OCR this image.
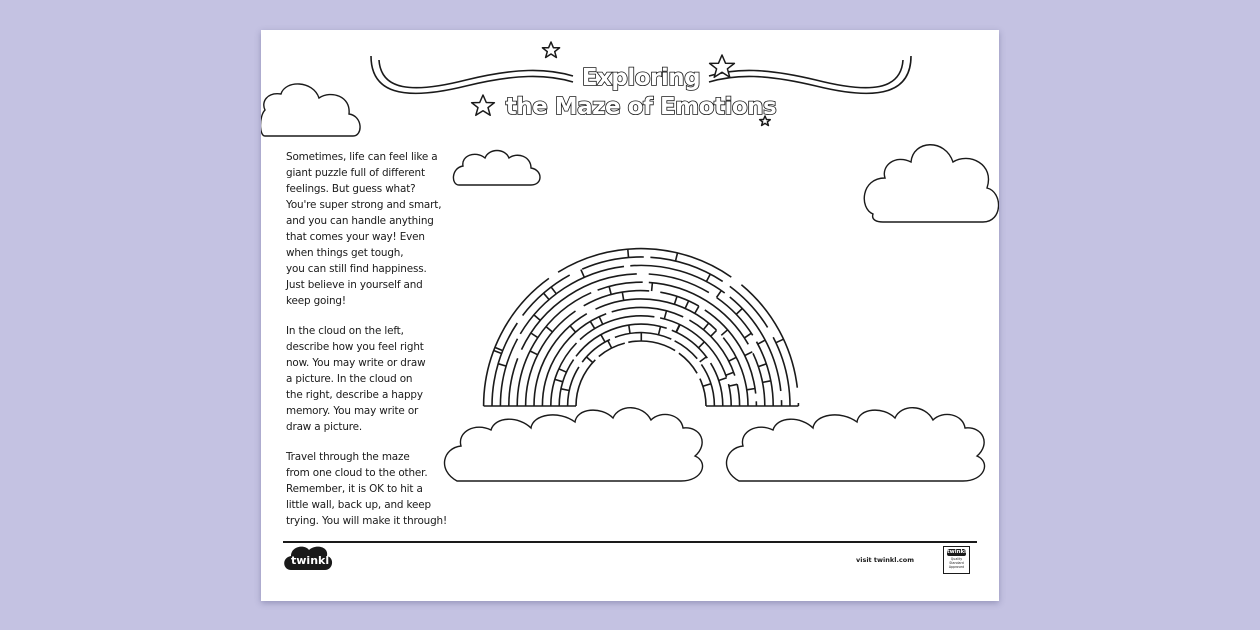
Exploring
the Maze of Emotions

Sometimes, life can feel like a
giant puzzle full of different
feelings. But guess what?
You're super strong and smart,
and you can handle anything
that comes your way! Even
when things get tough,
you can still find happiness.
Just believe in yourself and
keep going!

In the cloud on the left,
describe how you feel right
now. You may write or draw
a picture. In the cloud on
the right, describe a happy
memory. You may write or
draw a picture.

Travel through the maze
from one cloud to the other.
Remember, it is OK to hit a
little wall, back up, and keep
trying. You will make it through!

twinkl	visit twinkl.com
twinkl
Quality Standard
Approved
